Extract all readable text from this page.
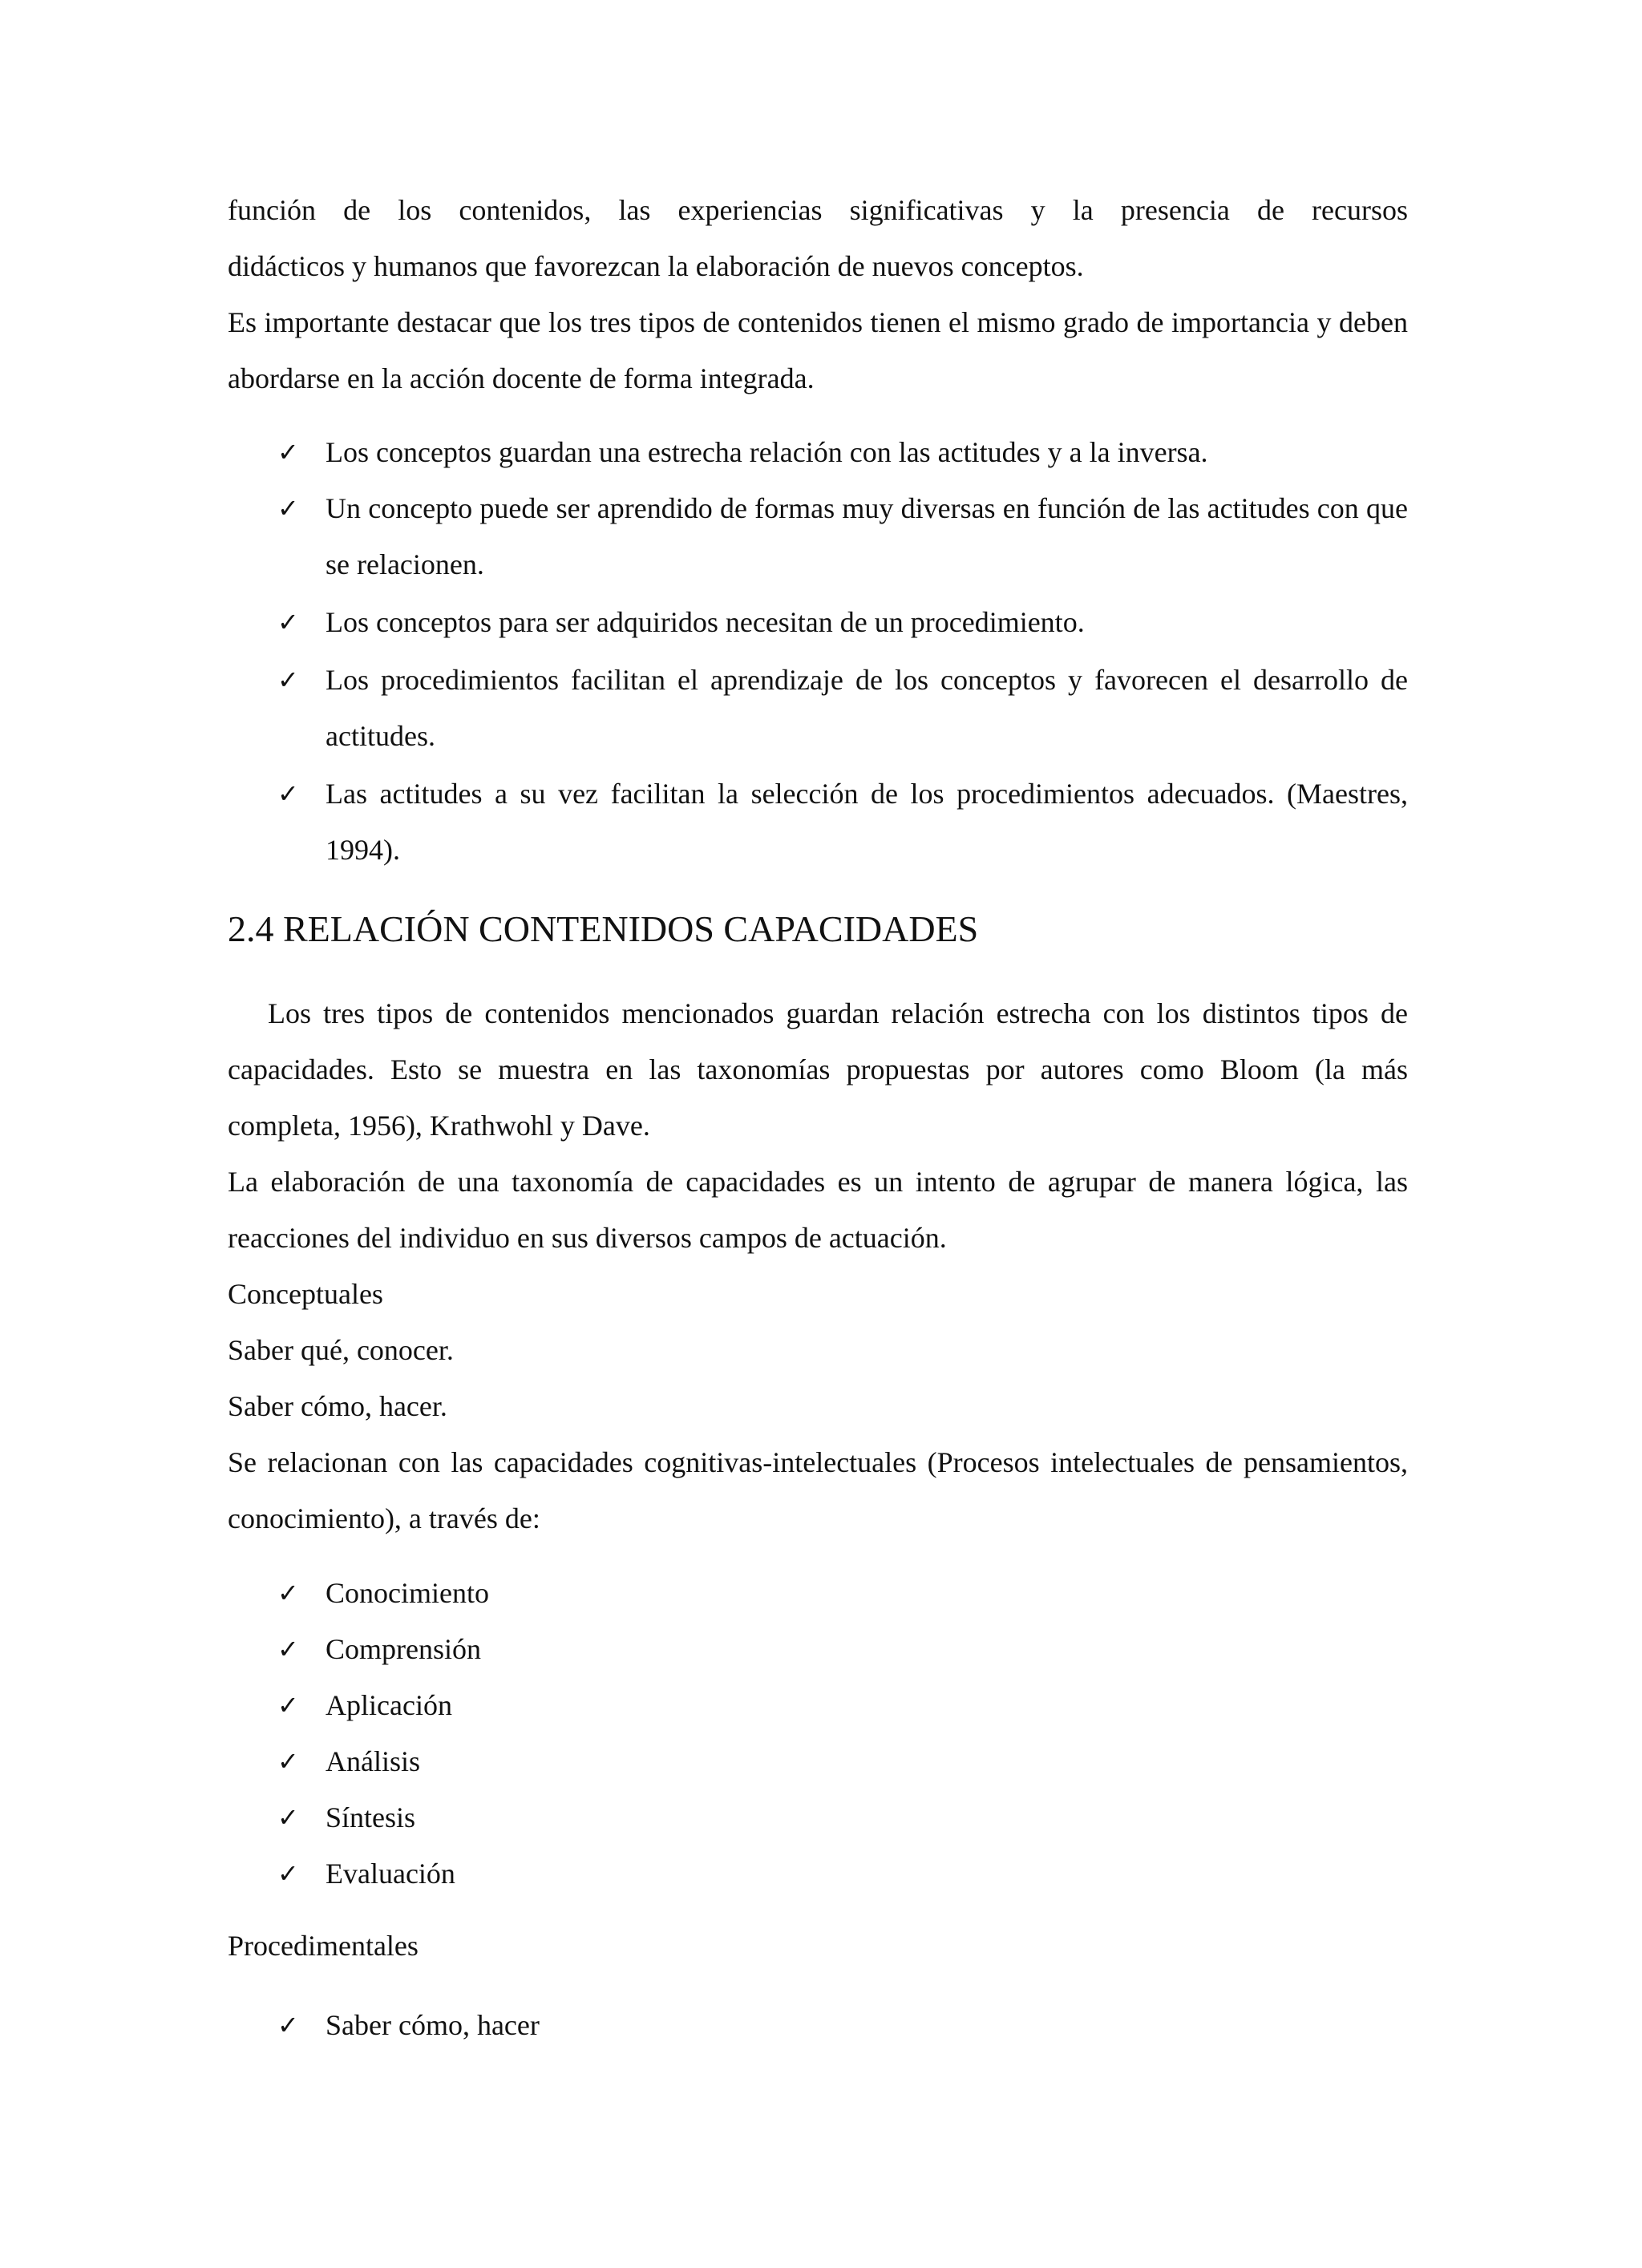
función de los contenidos, las experiencias significativas y la presencia de recursos

didácticos y humanos que favorezcan la elaboración de nuevos conceptos.

Es importante destacar que los tres tipos de contenidos tienen el mismo grado de importancia y deben abordarse en la acción docente de forma integrada.

✓ Los conceptos guardan una estrecha relación con las actitudes y a la inversa.
✓ Un concepto puede ser aprendido de formas muy diversas en función de las actitudes con que se relacionen.
✓ Los conceptos para ser adquiridos necesitan de un procedimiento.
✓ Los procedimientos facilitan el aprendizaje de los conceptos y favorecen el desarrollo de actitudes.
✓ Las actitudes a su vez facilitan la selección de los procedimientos adecuados. (Maestres, 1994).
2.4 RELACIÓN CONTENIDOS CAPACIDADES

Los tres tipos de contenidos mencionados guardan relación estrecha con los distintos tipos de capacidades. Esto se muestra en las taxonomías propuestas por autores como Bloom (la más completa, 1956), Krathwohl y Dave.

La elaboración de una taxonomía de capacidades es un intento de agrupar de manera lógica, las reacciones del individuo en sus diversos campos de actuación.

Conceptuales

Saber qué, conocer.

Saber cómo, hacer.

Se relacionan con las capacidades cognitivas-intelectuales (Procesos intelectuales de pensamientos, conocimiento), a través de:

✓ Conocimiento
✓ Comprensión
✓ Aplicación
✓ Análisis
✓ Síntesis
✓ Evaluación

Procedimentales

✓ Saber cómo, hacer
